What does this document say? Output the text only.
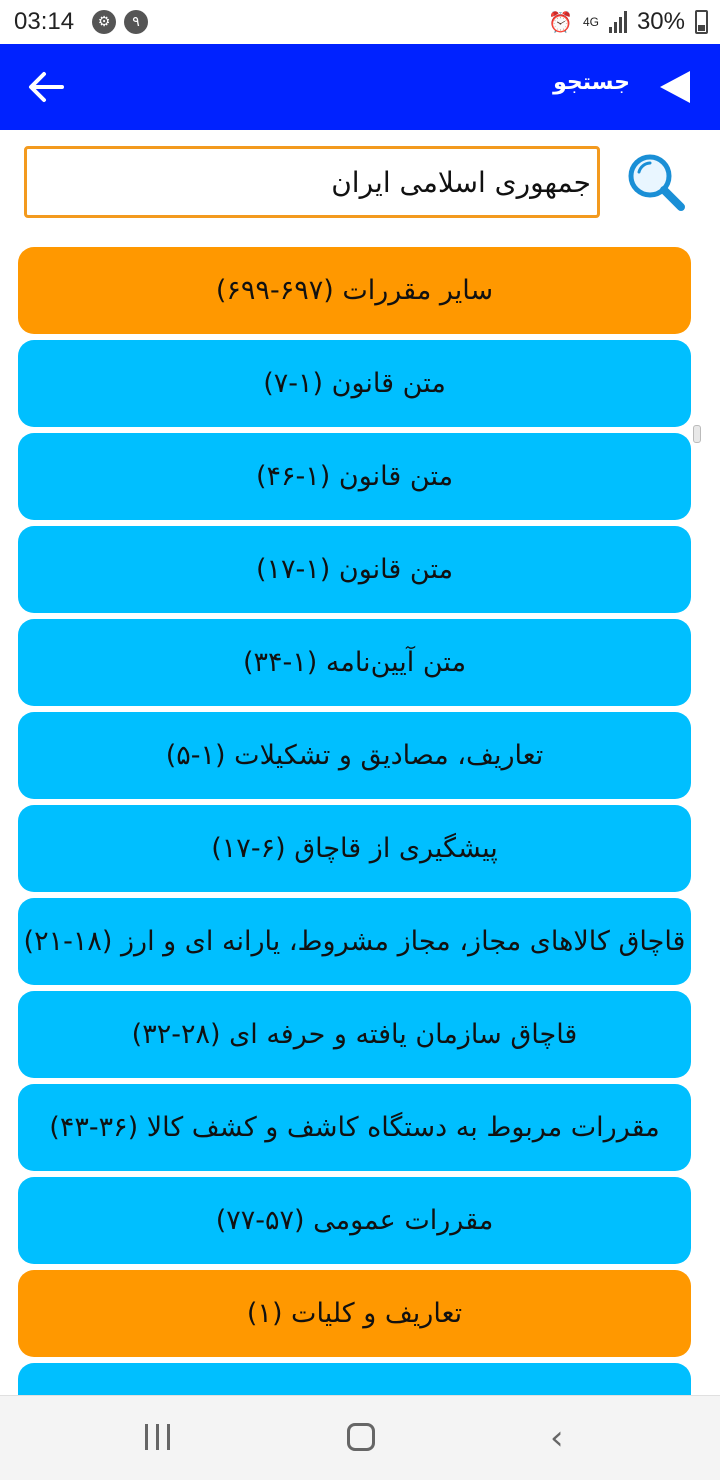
03:14	⚙	۹	⏰ 4G 30%
جستجو
جمهوری اسلامی ایران
سایر مقررات (۶۹۷-۶۹۹)
متن قانون (۱-۷)
متن قانون (۱-۴۶)
متن قانون (۱-۱۷)
متن آیین‌نامه (۱-۳۴)
تعاریف، مصادیق و تشکیلات (۱-۵)
پیشگیری از قاچاق (۶-۱۷)
قاچاق کالاهای مجاز، مجاز مشروط، یارانه ای و ارز (۱۸-۲۱)
قاچاق سازمان یافته و حرفه ای (۲۸-۳۲)
مقررات مربوط به دستگاه کاشف و کشف کالا (۳۶-۴۳)
مقررات عمومی (۵۷-۷۷)
تعاریف و کلیات (۱)
‹
